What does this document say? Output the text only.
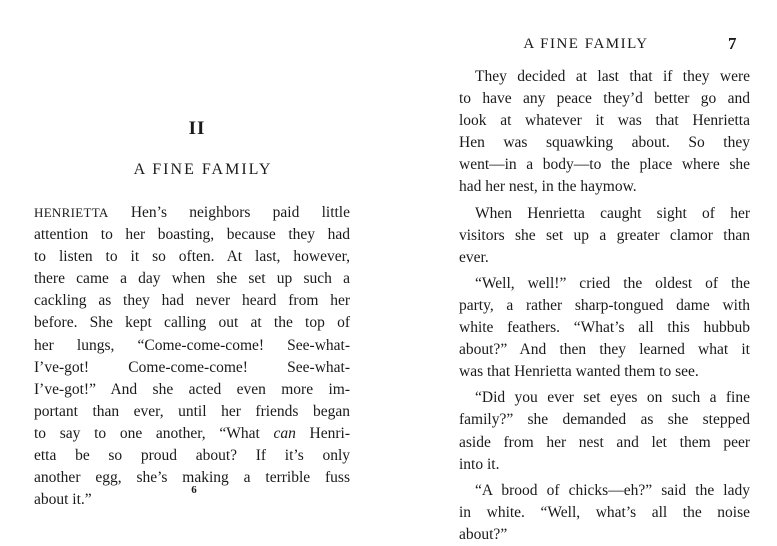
II
A FINE FAMILY
HENRIETTA Hen’s neighbors paid little
attention to her boasting, because they had
to listen to it so often. At last, however,
there came a day when she set up such a
cackling as they had never heard from her
before. She kept calling out at the top of
her lungs, “Come-come-come! See-what-
I’ve-got! Come-come-come! See-what-
I’ve-got!” And she acted even more im-
portant than ever, until her friends began
to say to one another, “What can Henri-
etta be so proud about? If it’s only
another egg, she’s making a terrible fuss
about it.”
6
A FINE FAMILY	7
They decided at last that if they were
to have any peace they’d better go and
look at whatever it was that Henrietta
Hen was squawking about. So they
went—in a body—to the place where she
had her nest, in the haymow.
When Henrietta caught sight of her
visitors she set up a greater clamor than
ever.
“Well, well!” cried the oldest of the
party, a rather sharp-tongued dame with
white feathers. “What’s all this hubbub
about?” And then they learned what it
was that Henrietta wanted them to see.
“Did you ever set eyes on such a fine
family?” she demanded as she stepped
aside from her nest and let them peer
into it.
“A brood of chicks—eh?” said the lady
in white. “Well, what’s all the noise
about?”
